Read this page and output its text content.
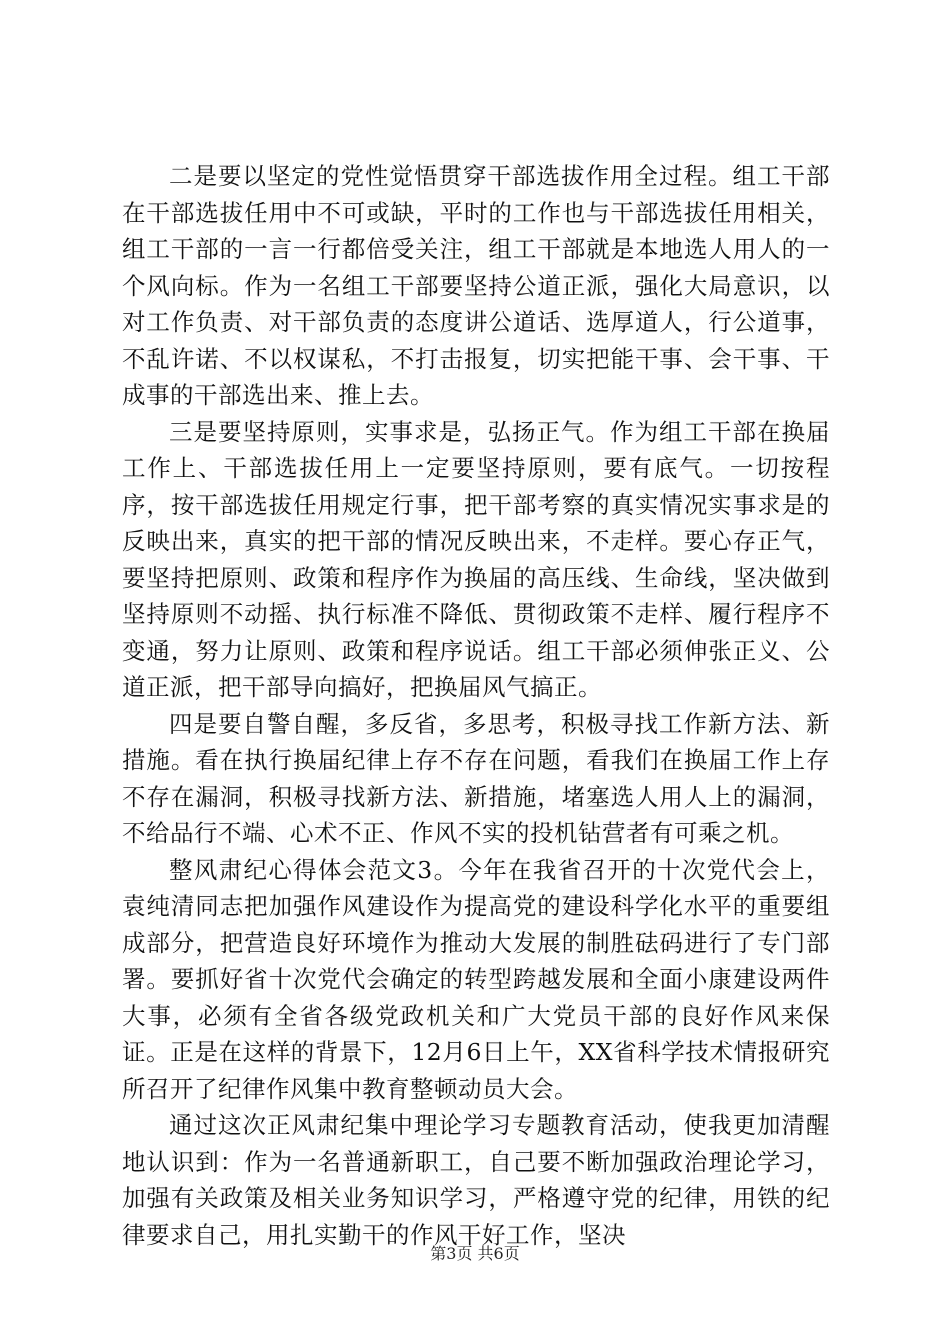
二是要以坚定的党性觉悟贯穿干部选拔作用全过程。组工干部在干部选拔任用中不可或缺，平时的工作也与干部选拔任用相关，组工干部的一言一行都倍受关注，组工干部就是本地选人用人的一个风向标。作为一名组工干部要坚持公道正派，强化大局意识，以对工作负责、对干部负责的态度讲公道话、选厚道人，行公道事，不乱许诺、不以权谋私，不打击报复，切实把能干事、会干事、干成事的干部选出来、推上去。

三是要坚持原则，实事求是，弘扬正气。作为组工干部在换届工作上、干部选拔任用上一定要坚持原则，要有底气。一切按程序，按干部选拔任用规定行事，把干部考察的真实情况实事求是的反映出来，真实的把干部的情况反映出来，不走样。要心存正气，要坚持把原则、政策和程序作为换届的高压线、生命线，坚决做到坚持原则不动摇、执行标准不降低、贯彻政策不走样、履行程序不变通，努力让原则、政策和程序说话。组工干部必须伸张正义、公道正派，把干部导向搞好，把换届风气搞正。

四是要自警自醒，多反省，多思考，积极寻找工作新方法、新措施。看在执行换届纪律上存不存在问题，看我们在换届工作上存不存在漏洞，积极寻找新方法、新措施，堵塞选人用人上的漏洞，不给品行不端、心术不正、作风不实的投机钻营者有可乘之机。

整风肃纪心得体会范文3。今年在我省召开的十次党代会上，袁纯清同志把加强作风建设作为提高党的建设科学化水平的重要组成部分，把营造良好环境作为推动大发展的制胜砝码进行了专门部署。要抓好省十次党代会确定的转型跨越发展和全面小康建设两件大事，必须有全省各级党政机关和广大党员干部的良好作风来保证。正是在这样的背景下，12月6日上午，XX省科学技术情报研究所召开了纪律作风集中教育整顿动员大会。

通过这次正风肃纪集中理论学习专题教育活动，使我更加清醒地认识到：作为一名普通新职工，自己要不断加强政治理论学习，加强有关政策及相关业务知识学习，严格遵守党的纪律，用铁的纪律要求自己，用扎实勤干的作风干好工作，坚决

第3页 共6页
